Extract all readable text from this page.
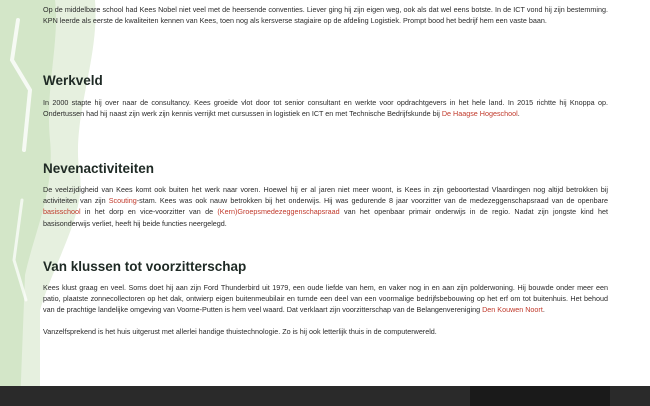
Op de middelbare school had Kees Nobel niet veel met de heersende conventies. Liever ging hij zijn eigen weg, ook als dat wel eens botste. In de ICT vond hij zijn bestemming. KPN leerde als eerste de kwaliteiten kennen van Kees, toen nog als kersverse stagiaire op de afdeling Logistiek. Prompt bood het bedrijf hem een vaste baan.

Werkveld

In 2000 stapte hij over naar de consultancy. Kees groeide vlot door tot senior consultant en werkte voor opdrachtgevers in het hele land. In 2015 richtte hij Knoppa op. Ondertussen had hij naast zijn werk zijn kennis verrijkt met cursussen in logistiek en ICT en met Technische Bedrijfskunde bij De Haagse Hogeschool.

Nevenactiviteiten

De veelzijdigheid van Kees komt ook buiten het werk naar voren. Hoewel hij er al jaren niet meer woont, is Kees in zijn geboortestad Vlaardingen nog altijd betrokken bij activiteiten van zijn Scouting-stam. Kees was ook nauw betrokken bij het onderwijs. Hij was gedurende 8 jaar voorzitter van de medezeggenschapsraad van de openbare basisschool in het dorp en vice-voorzitter van de (Kern)Groepsmedezeggenschapsraad van het openbaar primair onderwijs in de regio. Nadat zijn jongste kind het basisonderwijs verliet, heeft hij beide functies neergelegd.

Van klussen tot voorzitterschap

Kees klust graag en veel. Soms doet hij aan zijn Ford Thunderbird uit 1979, een oude liefde van hem, en vaker nog in en aan zijn polderwoning. Hij bouwde onder meer een patio, plaatste zonnecollectoren op het dak, ontwierp eigen buitenmeubilair en turnde een deel van een voormalige bedrijfsbebouwing op het erf om tot buitenhuis. Het behoud van de prachtige landelijke omgeving van Voorne-Putten is hem veel waard. Dat verklaart zijn voorzitterschap van de Belangenvereniging Den Kouwen Noort.

Vanzelfsprekend is het huis uitgerust met allerlei handige thuistechnologie. Zo is hij ook letterlijk thuis in de computerwereld.
